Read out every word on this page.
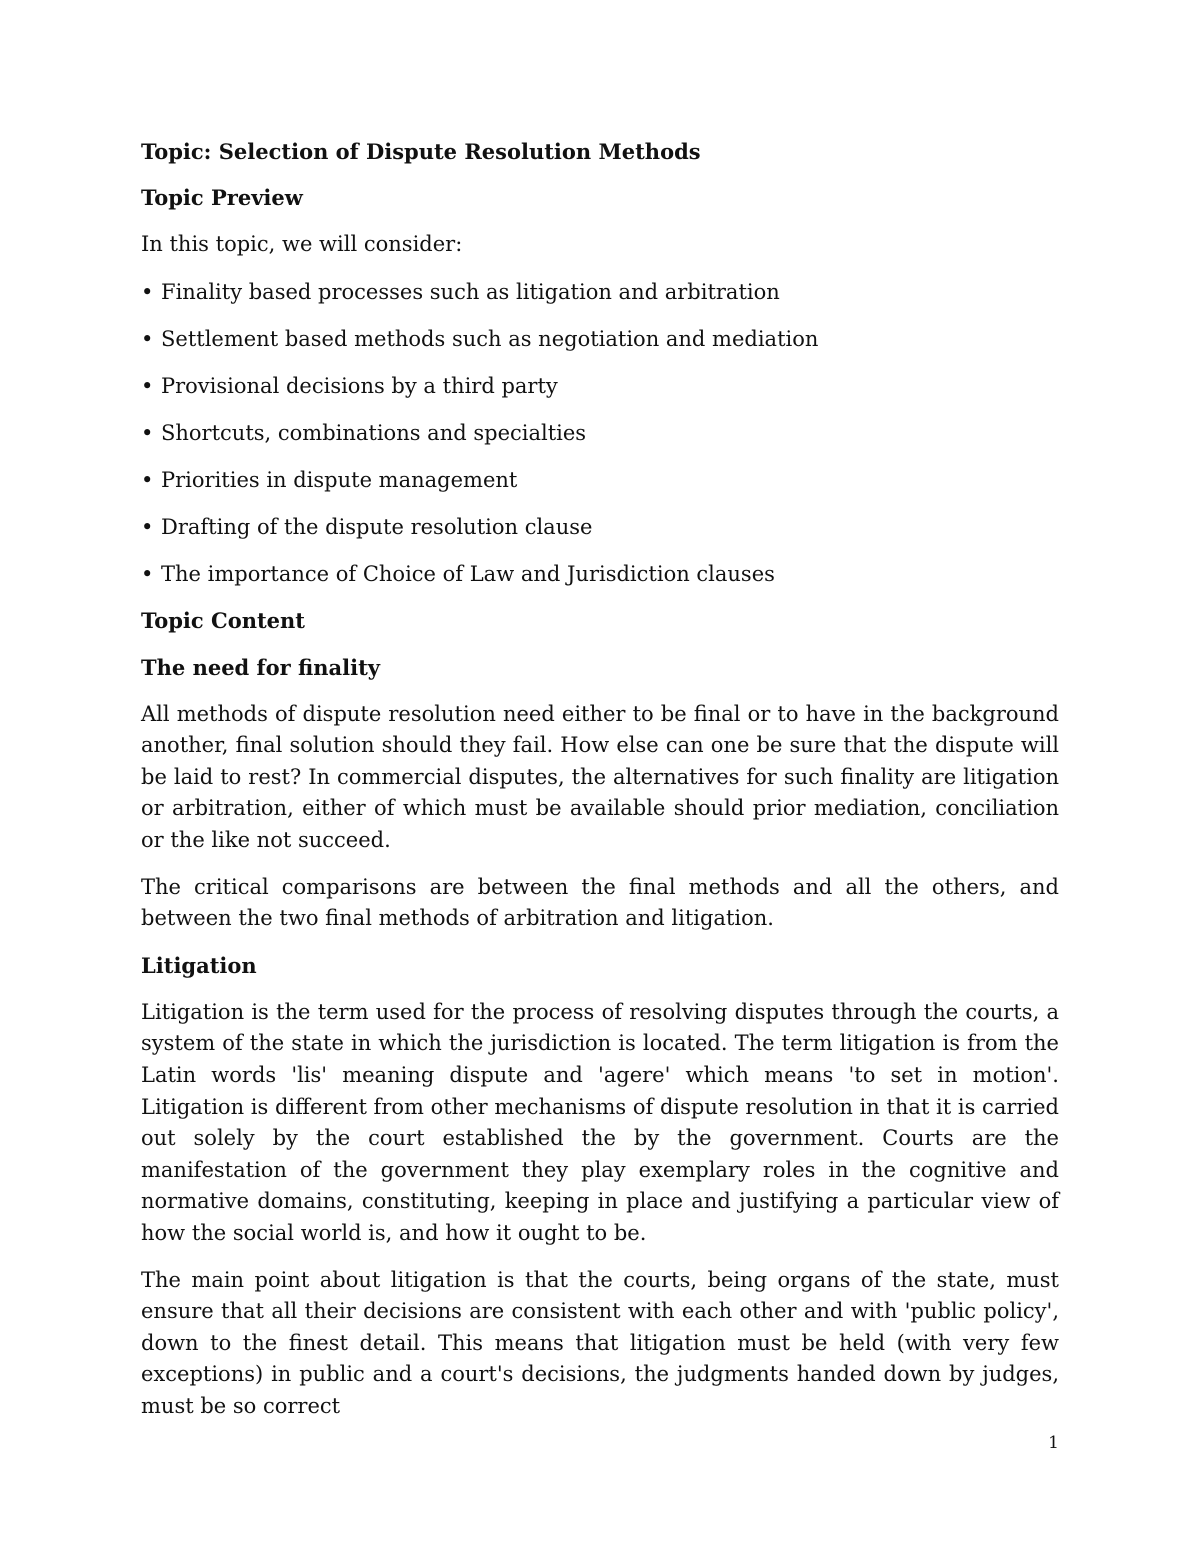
Topic: Selection of Dispute Resolution Methods
Topic Preview
In this topic, we will consider:
• Finality based processes such as litigation and arbitration
• Settlement based methods such as negotiation and mediation
• Provisional decisions by a third party
• Shortcuts, combinations and specialties
• Priorities in dispute management
• Drafting of the dispute resolution clause
• The importance of Choice of Law and Jurisdiction clauses
Topic Content
The need for finality

All methods of dispute resolution need either to be final or to have in the background another, final solution should they fail. How else can one be sure that the dispute will be laid to rest? In commercial disputes, the alternatives for such finality are litigation or arbitration, either of which must be available should prior mediation, conciliation or the like not succeed.

The critical comparisons are between the final methods and all the others, and between the two final methods of arbitration and litigation.

Litigation

Litigation is the term used for the process of resolving disputes through the courts, a system of the state in which the jurisdiction is located. The term litigation is from the Latin words 'lis' meaning dispute and 'agere' which means 'to set in motion'. Litigation is different from other mechanisms of dispute resolution in that it is carried out solely by the court established the by the government. Courts are the manifestation of the government they play exemplary roles in the cognitive and normative domains, constituting, keeping in place and justifying a particular view of how the social world is, and how it ought to be.

The main point about litigation is that the courts, being organs of the state, must ensure that all their decisions are consistent with each other and with 'public policy', down to the finest detail. This means that litigation must be held (with very few exceptions) in public and a court's decisions, the judgments handed down by judges, must be so correct

1
